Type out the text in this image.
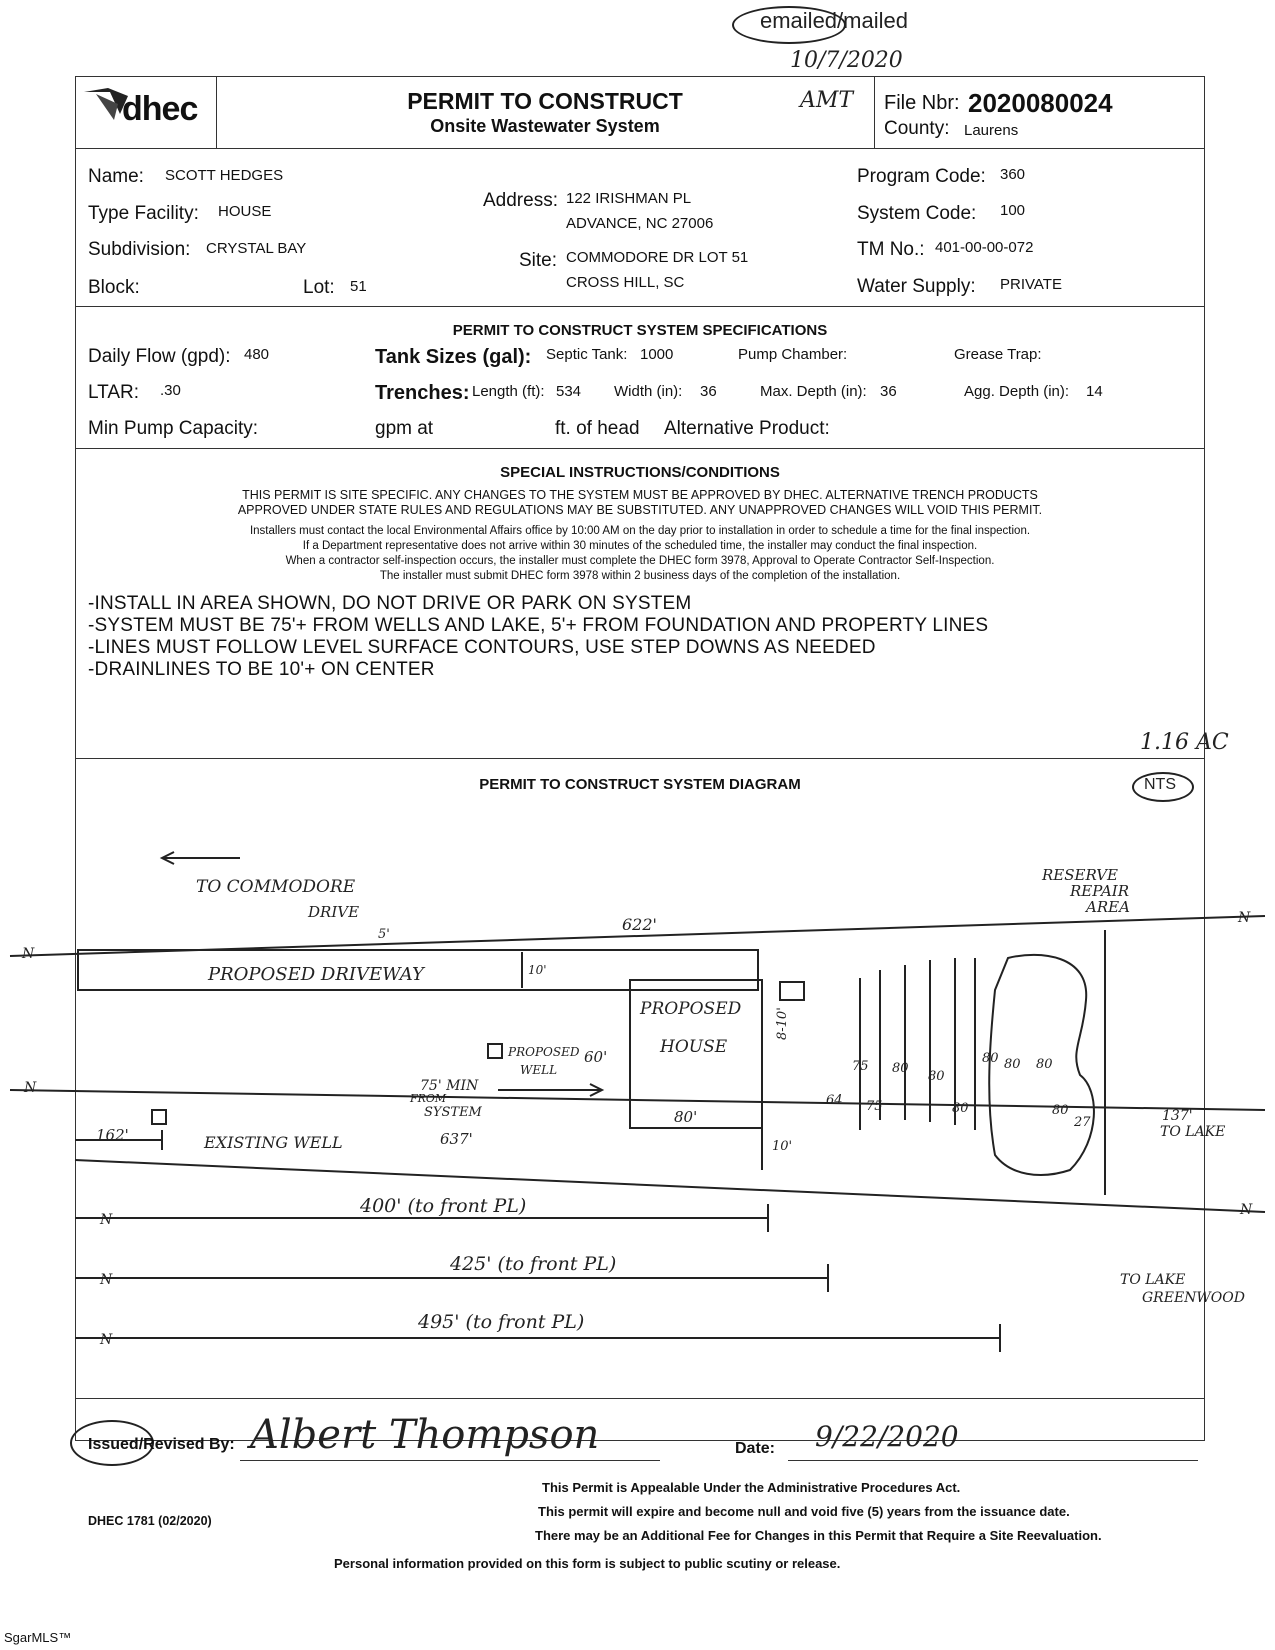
emailed/mailed
10/7/2020
AMT
dhec	PERMIT TO CONSTRUCT
Onsite Wastewater System
File Nbr: 2020080024
County: Laurens
Name: SCOTT HEDGES
Type Facility: HOUSE
Subdivision: CRYSTAL BAY
Block:	Lot: 51
Address: 122 IRISHMAN PL
ADVANCE, NC 27006
Site: COMMODORE DR LOT 51
CROSS HILL, SC
Program Code: 360
System Code: 100
TM No.: 401-00-00-072
Water Supply: PRIVATE
PERMIT TO CONSTRUCT SYSTEM SPECIFICATIONS
Daily Flow (gpd): 480	Tank Sizes (gal): Septic Tank: 1000	Pump Chamber:	Grease Trap:
LTAR: .30	Trenches: Length (ft): 534 Width (in): 36	Max. Depth (in): 36	Agg. Depth (in): 14
Min Pump Capacity:	gpm at	ft. of head Alternative Product:
SPECIAL INSTRUCTIONS/CONDITIONS
THIS PERMIT IS SITE SPECIFIC. ANY CHANGES TO THE SYSTEM MUST BE APPROVED BY DHEC. ALTERNATIVE TRENCH PRODUCTS
APPROVED UNDER STATE RULES AND REGULATIONS MAY BE SUBSTITUTED. ANY UNAPPROVED CHANGES WILL VOID THIS PERMIT.
Installers must contact the local Environmental Affairs office by 10:00 AM on the day prior to installation in order to schedule a time for the final inspection.
If a Department representative does not arrive within 30 minutes of the scheduled time, the installer may conduct the final inspection.
When a contractor self-inspection occurs, the installer must complete the DHEC form 3978, Approval to Operate Contractor Self-Inspection.
The installer must submit DHEC form 3978 within 2 business days of the completion of the installation.
-INSTALL IN AREA SHOWN, DO NOT DRIVE OR PARK ON SYSTEM
-SYSTEM MUST BE 75'+ FROM WELLS AND LAKE, 5'+ FROM FOUNDATION AND PROPERTY LINES
-LINES MUST FOLLOW LEVEL SURFACE CONTOURS, USE STEP DOWNS AS NEEDED
-DRAINLINES TO BE 10'+ ON CENTER
1.16 AC
PERMIT TO CONSTRUCT SYSTEM DIAGRAM	NTS
TO COMMODORE
DRIVE
RESERVE
REPAIR
AREA
PROPOSED DRIVEWAY
PROPOSED
HOUSE
PROPOSED
WELL
75' MIN
FROM
SYSTEM
EXISTING WELL
TO LAKE
TO LAKE
GREENWOOD
622'
5'
10'
60'
80'
162'	637'
137'
10'
400' (to front PL)
425' (to front PL)
495' (to front PL)
8-10'
75 80
80
80 80 80
64 75	80	80
27
N
N
N
N
N
N
N
Issued/Revised By: Albert Thompson	Date: 9/22/2020
This Permit is Appealable Under the Administrative Procedures Act.
This permit will expire and become null and void five (5) years from the issuance date.
DHEC 1781 (02/2020)
There may be an Additional Fee for Changes in this Permit that Require a Site Reevaluation.
Personal information provided on this form is subject to public scutiny or release.
SgarMLS™
